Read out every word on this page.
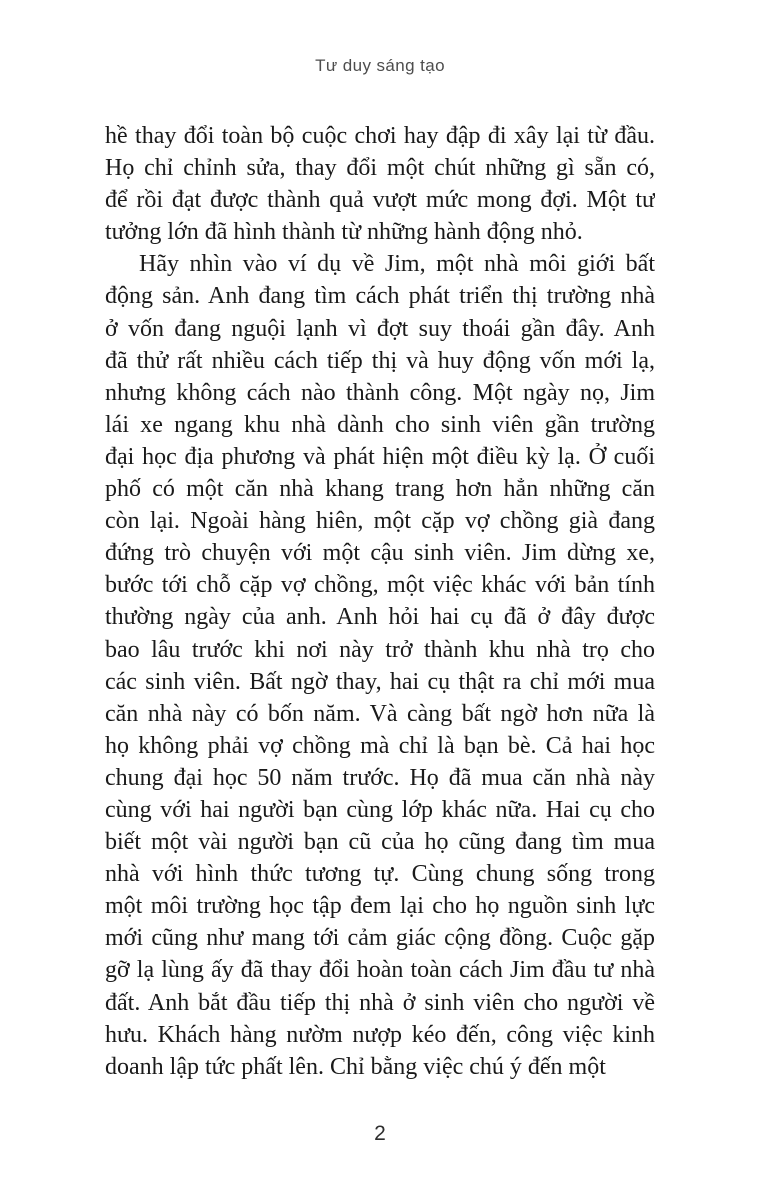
Tư duy sáng tạo
hề thay đổi toàn bộ cuộc chơi hay đập đi xây lại từ đầu.
Họ chỉ chỉnh sửa, thay đổi một chút những gì sẵn có,
để rồi đạt được thành quả vượt mức mong đợi. Một tư
tưởng lớn đã hình thành từ những hành động nhỏ.
Hãy nhìn vào ví dụ về Jim, một nhà môi giới bất
động sản. Anh đang tìm cách phát triển thị trường nhà
ở vốn đang nguội lạnh vì đợt suy thoái gần đây. Anh
đã thử rất nhiều cách tiếp thị và huy động vốn mới lạ,
nhưng không cách nào thành công. Một ngày nọ, Jim
lái xe ngang khu nhà dành cho sinh viên gần trường
đại học địa phương và phát hiện một điều kỳ lạ. Ở cuối
phố có một căn nhà khang trang hơn hẳn những căn
còn lại. Ngoài hàng hiên, một cặp vợ chồng già đang
đứng trò chuyện với một cậu sinh viên. Jim dừng xe,
bước tới chỗ cặp vợ chồng, một việc khác với bản tính
thường ngày của anh. Anh hỏi hai cụ đã ở đây được
bao lâu trước khi nơi này trở thành khu nhà trọ cho
các sinh viên. Bất ngờ thay, hai cụ thật ra chỉ mới mua
căn nhà này có bốn năm. Và càng bất ngờ hơn nữa là
họ không phải vợ chồng mà chỉ là bạn bè. Cả hai học
chung đại học 50 năm trước. Họ đã mua căn nhà này
cùng với hai người bạn cùng lớp khác nữa. Hai cụ cho
biết một vài người bạn cũ của họ cũng đang tìm mua
nhà với hình thức tương tự. Cùng chung sống trong
một môi trường học tập đem lại cho họ nguồn sinh lực
mới cũng như mang tới cảm giác cộng đồng. Cuộc gặp
gỡ lạ lùng ấy đã thay đổi hoàn toàn cách Jim đầu tư nhà
đất. Anh bắt đầu tiếp thị nhà ở sinh viên cho người về
hưu. Khách hàng nườm nượp kéo đến, công việc kinh
doanh lập tức phất lên. Chỉ bằng việc chú ý đến một
2
